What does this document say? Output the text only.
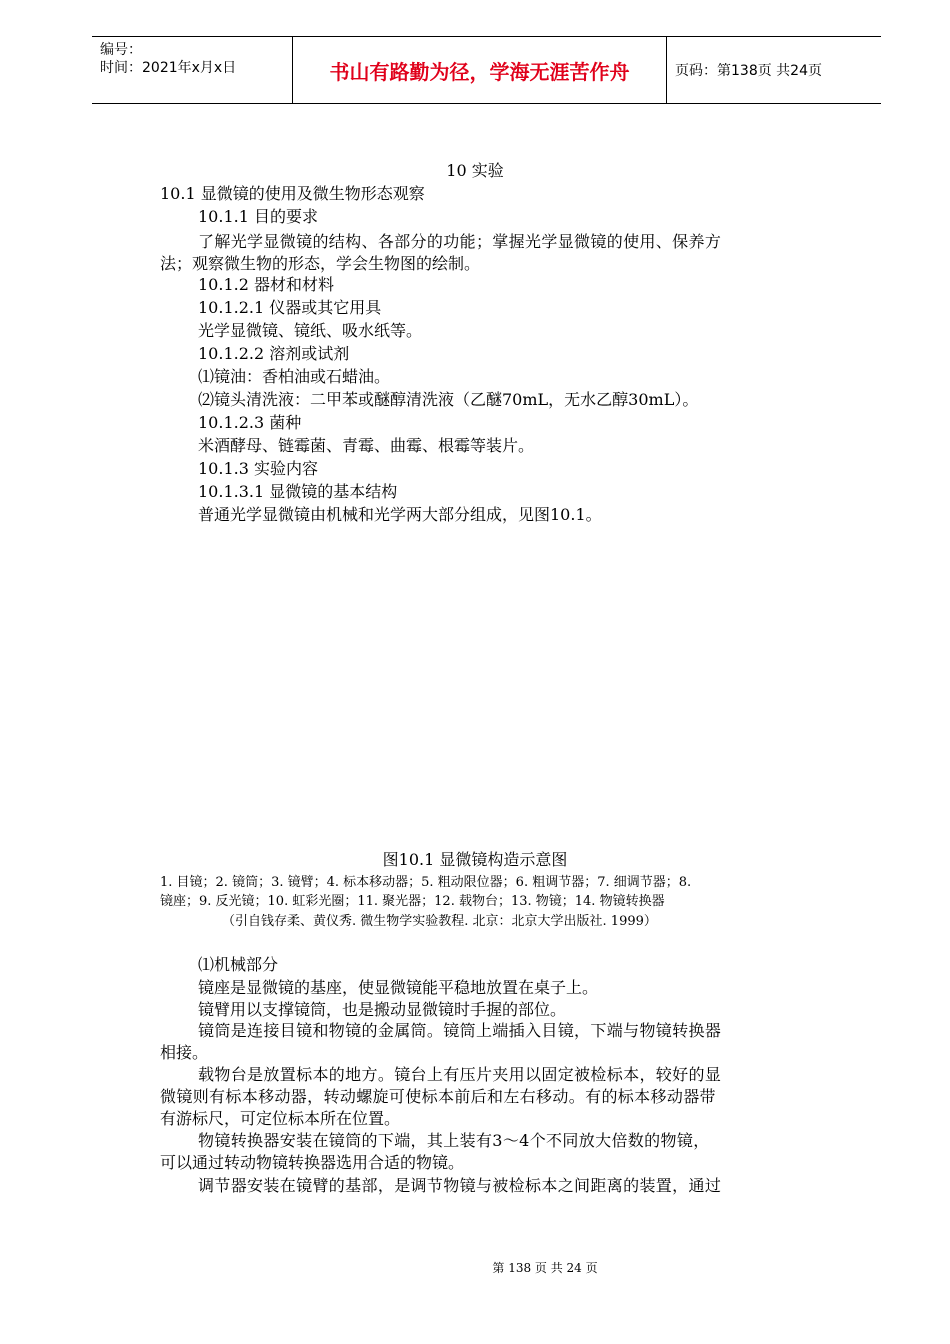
编号：
时间：2021年x月x日	书山有路勤为径，学海无涯苦作舟	页码：第138页 共24页
10 实验
10.1 显微镜的使用及微生物形态观察
10.1.1 目的要求
了解光学显微镜的结构、各部分的功能；掌握光学显微镜的使用、保养方
法；观察微生物的形态，学会生物图的绘制。
10.1.2 器材和材料
10.1.2.1 仪器或其它用具
光学显微镜、镜纸、吸水纸等。
10.1.2.2 溶剂或试剂
⑴镜油：香柏油或石蜡油。
⑵镜头清洗液：二甲苯或醚醇清洗液（乙醚70mL，无水乙醇30mL）。
10.1.2.3 菌种
米酒酵母、链霉菌、青霉、曲霉、根霉等装片。
10.1.3 实验内容
10.1.3.1 显微镜的基本结构
普通光学显微镜由机械和光学两大部分组成，见图10.1。
图10.1 显微镜构造示意图
1. 目镜；2. 镜筒；3. 镜臂；4. 标本移动器；5. 粗动限位器；6. 粗调节器；7. 细调节器；8.
镜座；9. 反光镜；10. 虹彩光圈；11. 聚光器；12. 载物台；13. 物镜；14. 物镜转换器
（引自钱存柔、黄仪秀. 微生物学实验教程. 北京：北京大学出版社. 1999）
⑴机械部分
镜座是显微镜的基座，使显微镜能平稳地放置在桌子上。
镜臂用以支撑镜筒，也是搬动显微镜时手握的部位。
镜筒是连接目镜和物镜的金属筒。镜筒上端插入目镜，下端与物镜转换器
相接。
载物台是放置标本的地方。镜台上有压片夹用以固定被检标本，较好的显
微镜则有标本移动器，转动螺旋可使标本前后和左右移动。有的标本移动器带
有游标尺，可定位标本所在位置。
物镜转换器安装在镜筒的下端，其上装有3～4个不同放大倍数的物镜，
可以通过转动物镜转换器选用合适的物镜。
调节器安装在镜臂的基部，是调节物镜与被检标本之间距离的装置，通过
第 138 页 共 24 页
